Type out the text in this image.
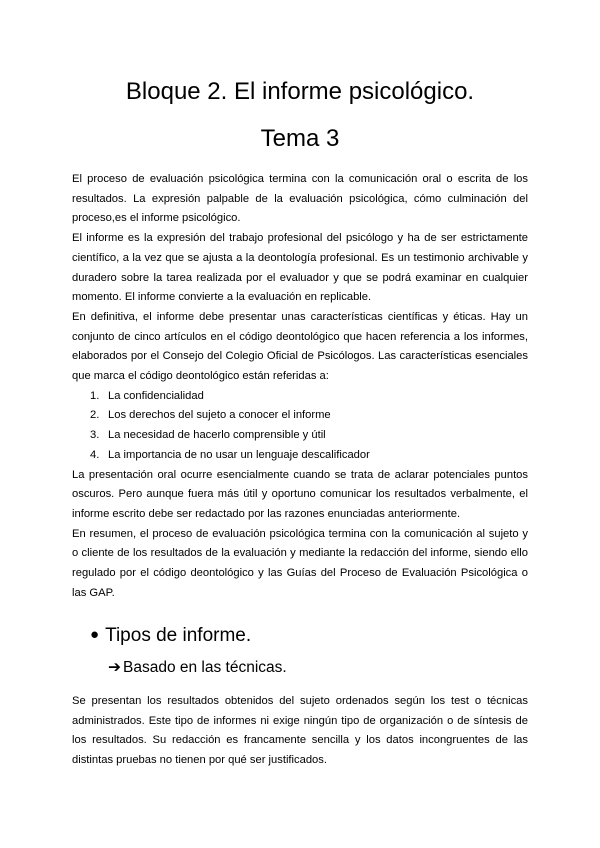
Bloque 2. El informe psicológico.
Tema 3

El proceso de evaluación psicológica termina con la comunicación oral o escrita de los resultados. La expresión palpable de la evaluación psicológica, cómo culminación del proceso,es el informe psicológico.

El informe es la expresión del trabajo profesional del psicólogo y ha de ser estrictamente científico, a la vez que se ajusta a la deontología profesional. Es un testimonio archivable y duradero sobre la tarea realizada por el evaluador y que se podrá examinar en cualquier momento. El informe convierte a la evaluación en replicable.

En definitiva, el informe debe presentar unas características científicas y éticas. Hay un conjunto de cinco artículos en el código deontológico que hacen referencia a los informes, elaborados por el Consejo del Colegio Oficial de Psicólogos. Las características esenciales que marca el código deontológico están referidas a:

1. La confidencialidad
2. Los derechos del sujeto a conocer el informe
3. La necesidad de hacerlo comprensible y útil
4. La importancia de no usar un lenguaje descalificador

La presentación oral ocurre esencialmente cuando se trata de aclarar potenciales puntos oscuros. Pero aunque fuera más útil y oportuno comunicar los resultados verbalmente, el informe escrito debe ser redactado por las razones enunciadas anteriormente.

En resumen, el proceso de evaluación psicológica termina con la comunicación al sujeto y o cliente de los resultados de la evaluación y mediante la redacción del informe, siendo ello regulado por el código deontológico y las Guías del Proceso de Evaluación Psicológica o las GAP.

● Tipos de informe.
➔ Basado en las técnicas.

Se presentan los resultados obtenidos del sujeto ordenados según los test o técnicas administrados. Este tipo de informes ni exige ningún tipo de organización o de síntesis de los resultados. Su redacción es francamente sencilla y los datos incongruentes de las distintas pruebas no tienen por qué ser justificados.
